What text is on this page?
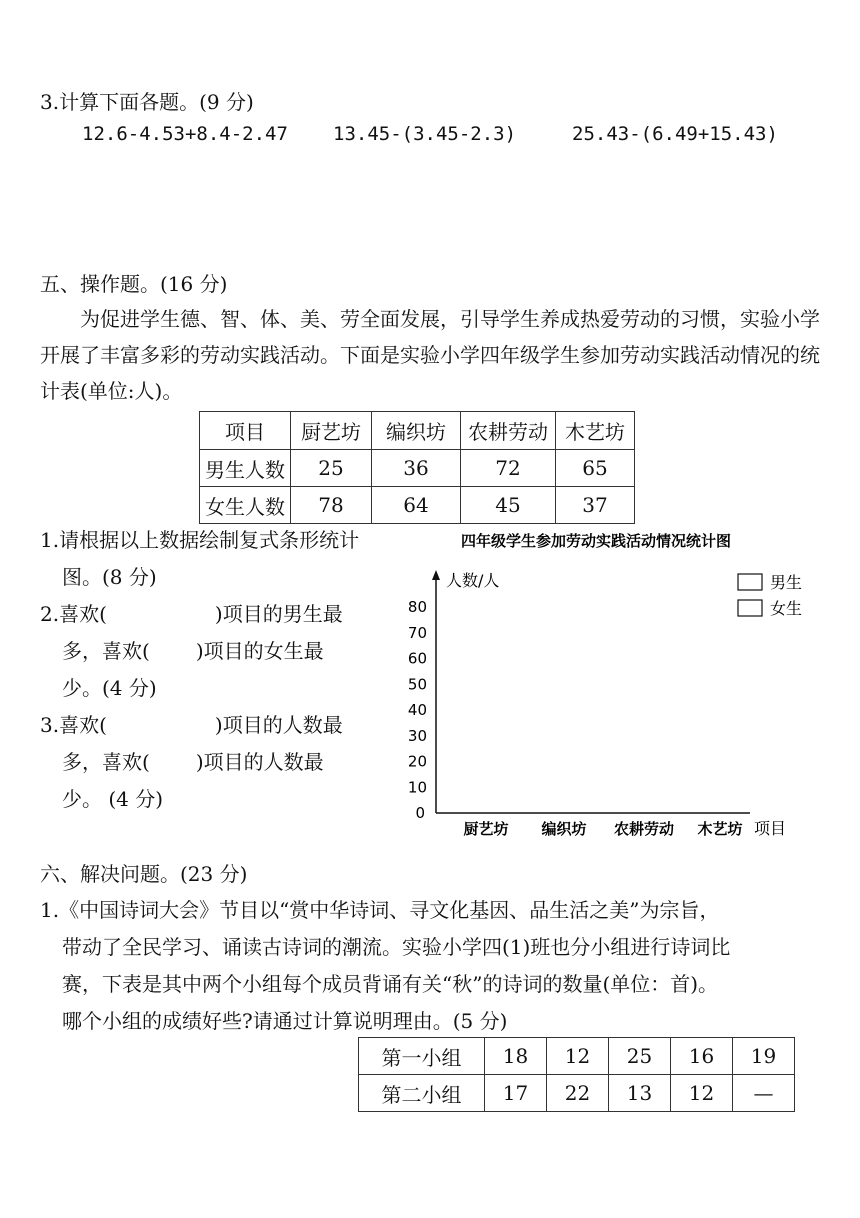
3.计算下面各题。(9 分)
12.6-4.53+8.4-2.47 13.45-(3.45-2.3)	25.43-(6.49+15.43)
五、操作题。(16 分)
为促进学生德、智、体、美、劳全面发展，引导学生养成热爱劳动的习惯，实验小学开展了丰富多彩的劳动实践活动。下面是实验小学四年级学生参加劳动实践活动情况的统计表(单位:人)。
项目	厨艺坊	编织坊	农耕劳动	木艺坊
男生人数	25	36	72	65
女生人数	78	64	45	37
1.请根据以上数据绘制复式条形统计
图。(8 分)
2.喜欢(	)项目的男生最
多，喜欢( )项目的女生最
少。(4 分)
3.喜欢(	)项目的人数最
多，喜欢( )项目的人数最
少。 (4 分)
四年级学生参加劳动实践活动情况统计图
人数/人
项目
男生
女生
0
10
20
30
40
50
60
70
80
厨艺坊 编织坊 农耕劳动 木艺坊
六、解决问题。(23 分)
1.《中国诗词大会》节目以“赏中华诗词、寻文化基因、品生活之美”为宗旨，
带动了全民学习、诵读古诗词的潮流。实验小学四(1)班也分小组进行诗词比
赛，下表是其中两个小组每个成员背诵有关“秋”的诗词的数量(单位：首)。
哪个小组的成绩好些?请通过计算说明理由。(5 分)
第一小组	18	12	25	16	19
第二小组	17	22	13	12	—
